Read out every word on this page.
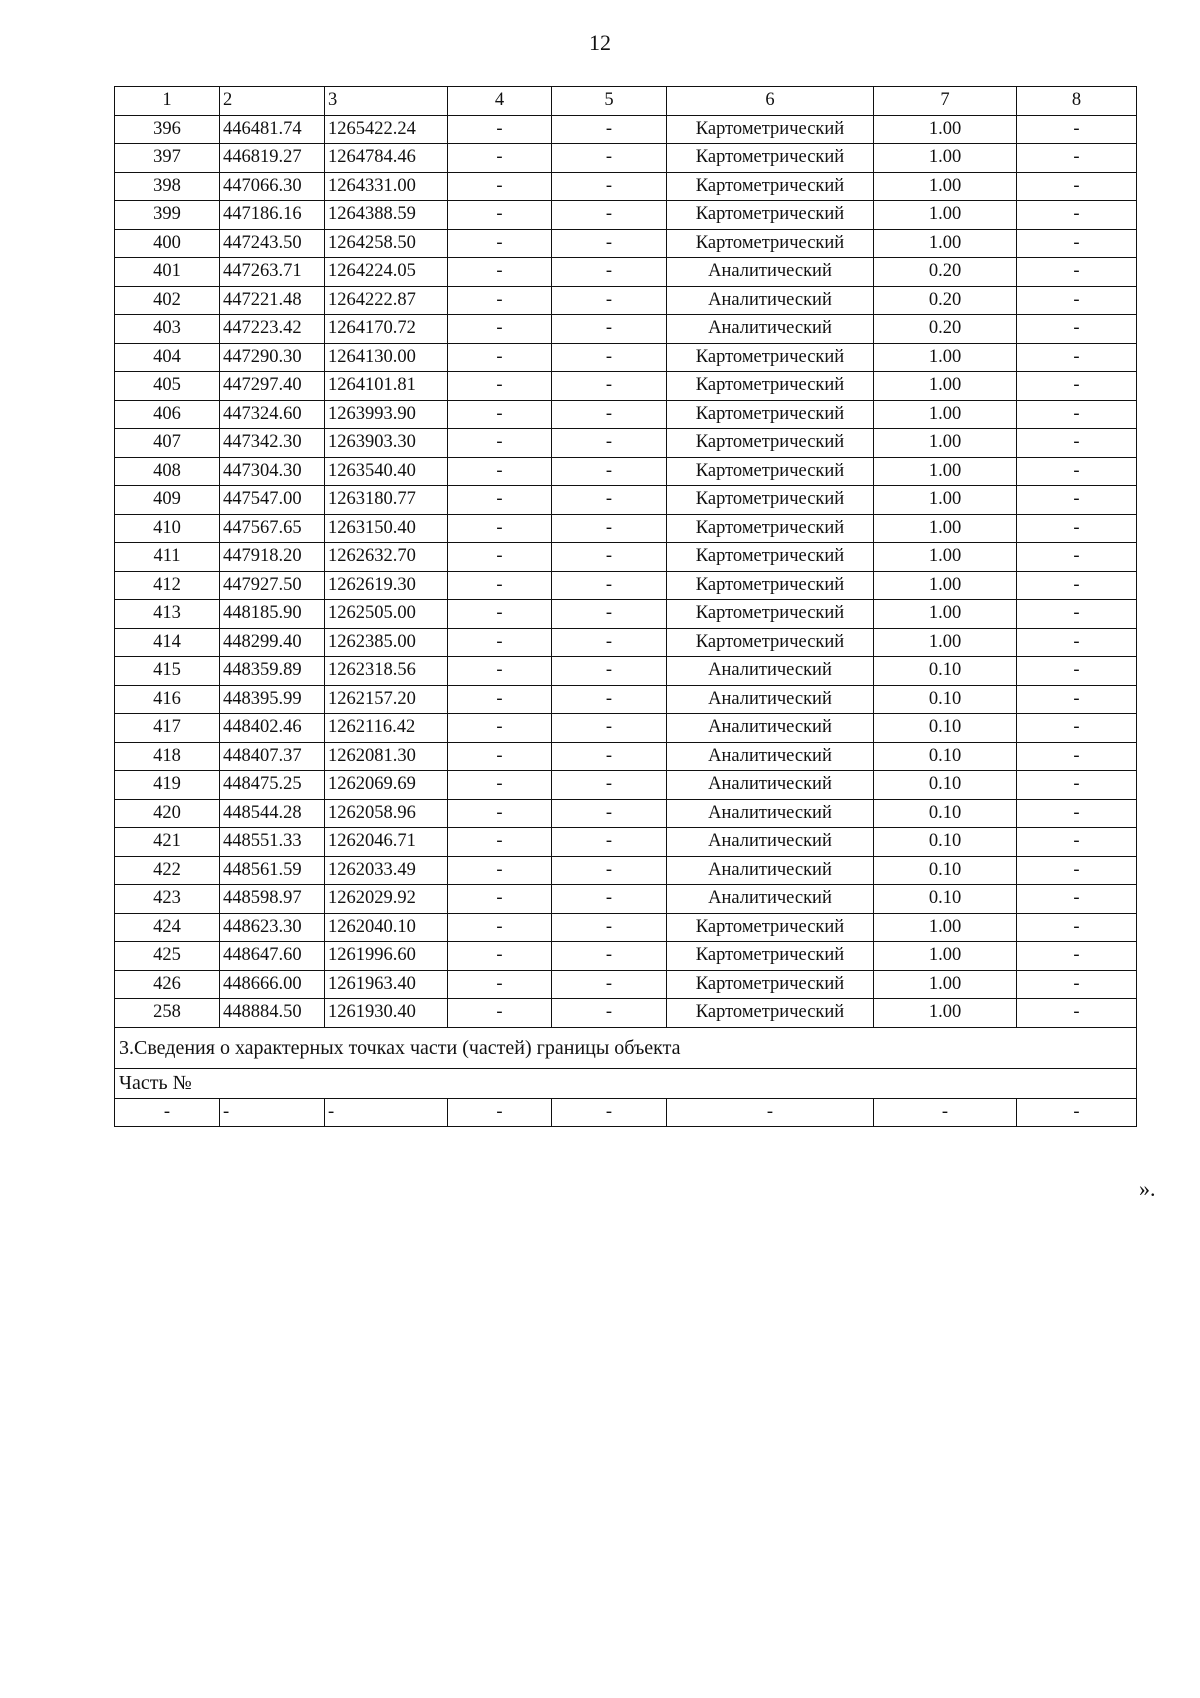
12
1	2	3	4	5	6	7	8
396	446481.74	1265422.24	-	-	Картометрический	1.00	-
397	446819.27	1264784.46	-	-	Картометрический	1.00	-
398	447066.30	1264331.00	-	-	Картометрический	1.00	-
399	447186.16	1264388.59	-	-	Картометрический	1.00	-
400	447243.50	1264258.50	-	-	Картометрический	1.00	-
401	447263.71	1264224.05	-	-	Аналитический	0.20	-
402	447221.48	1264222.87	-	-	Аналитический	0.20	-
403	447223.42	1264170.72	-	-	Аналитический	0.20	-
404	447290.30	1264130.00	-	-	Картометрический	1.00	-
405	447297.40	1264101.81	-	-	Картометрический	1.00	-
406	447324.60	1263993.90	-	-	Картометрический	1.00	-
407	447342.30	1263903.30	-	-	Картометрический	1.00	-
408	447304.30	1263540.40	-	-	Картометрический	1.00	-
409	447547.00	1263180.77	-	-	Картометрический	1.00	-
410	447567.65	1263150.40	-	-	Картометрический	1.00	-
411	447918.20	1262632.70	-	-	Картометрический	1.00	-
412	447927.50	1262619.30	-	-	Картометрический	1.00	-
413	448185.90	1262505.00	-	-	Картометрический	1.00	-
414	448299.40	1262385.00	-	-	Картометрический	1.00	-
415	448359.89	1262318.56	-	-	Аналитический	0.10	-
416	448395.99	1262157.20	-	-	Аналитический	0.10	-
417	448402.46	1262116.42	-	-	Аналитический	0.10	-
418	448407.37	1262081.30	-	-	Аналитический	0.10	-
419	448475.25	1262069.69	-	-	Аналитический	0.10	-
420	448544.28	1262058.96	-	-	Аналитический	0.10	-
421	448551.33	1262046.71	-	-	Аналитический	0.10	-
422	448561.59	1262033.49	-	-	Аналитический	0.10	-
423	448598.97	1262029.92	-	-	Аналитический	0.10	-
424	448623.30	1262040.10	-	-	Картометрический	1.00	-
425	448647.60	1261996.60	-	-	Картометрический	1.00	-
426	448666.00	1261963.40	-	-	Картометрический	1.00	-
258	448884.50	1261930.40	-	-	Картометрический	1.00	-
3.Сведения о характерных точках части (частей) границы объекта							
Часть №							
-	-	-	-	-	-	-	-
».
